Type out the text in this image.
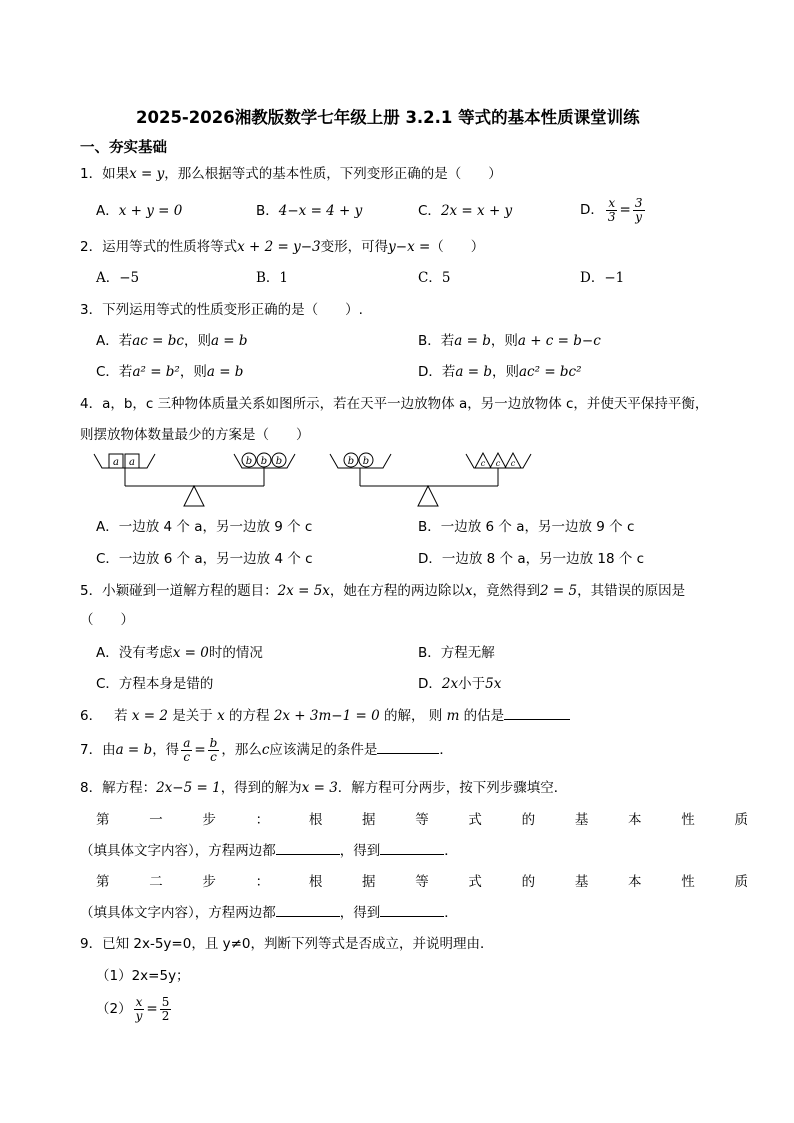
2025-2026湘教版数学七年级上册 3.2.1 等式的基本性质课堂训练
一、夯实基础
1．如果x = y，那么根据等式的基本性质，下列变形正确的是（　　）
A．x + y = 0	B．4−x = 4 + y	C．2x = x + y	D． $\frac{x}{3} = \frac{3}{y}$
2．运用等式的性质将等式x + 2 = y−3变形，可得y−x =（　　）
A．−5	B．1	C．5	D．−1
3．下列运用等式的性质变形正确的是（　　）.
A．若ac = bc，则a = b	B．若a = b，则a + c = b−c
C．若a² = b²，则a = b	D．若a = b，则ac² = bc²
4．a，b，c 三种物体质量关系如图所示，若在天平一边放物体 a，另一边放物体 c，并使天平保持平衡，
则摆放物体数量最少的方案是（　　）
a a	b b b	b b	c c c
A．一边放 4 个 a，另一边放 9 个 c	B．一边放 6 个 a，另一边放 9 个 c
C．一边放 6 个 a，另一边放 4 个 c	D．一边放 8 个 a，另一边放 18 个 c
5．小颖碰到一道解方程的题目：2x = 5x，她在方程的两边除以x，竟然得到2 = 5，其错误的原因是
（　　）
A．没有考虑x = 0时的情况	B．方程无解
C．方程本身是错的	D．2x小于5x
6． 若 x = 2 是关于 x 的方程 2x + 3m−1 = 0 的解， 则 m 的估是
7．由a = b，得 $\frac{a}{c} = \frac{b}{c}$ ，那么c应该满足的条件是	．
8．解方程：2x−5 = 1，得到的解为x = 3．解方程可分两步，按下列步骤填空．
第	一	步	：	根	据	等	式	的	基	本	性	质
（填具体文字内容），方程两边都	，得到	．
第	二	步	：	根	据	等	式	的	基	本	性	质
（填具体文字内容），方程两边都	，得到	．
9．已知 2x-5y=0，且 y≠0，判断下列等式是否成立，并说明理由．
（1）2x=5y；
$(2) \frac{x}{y} = \frac{5}{2}$
